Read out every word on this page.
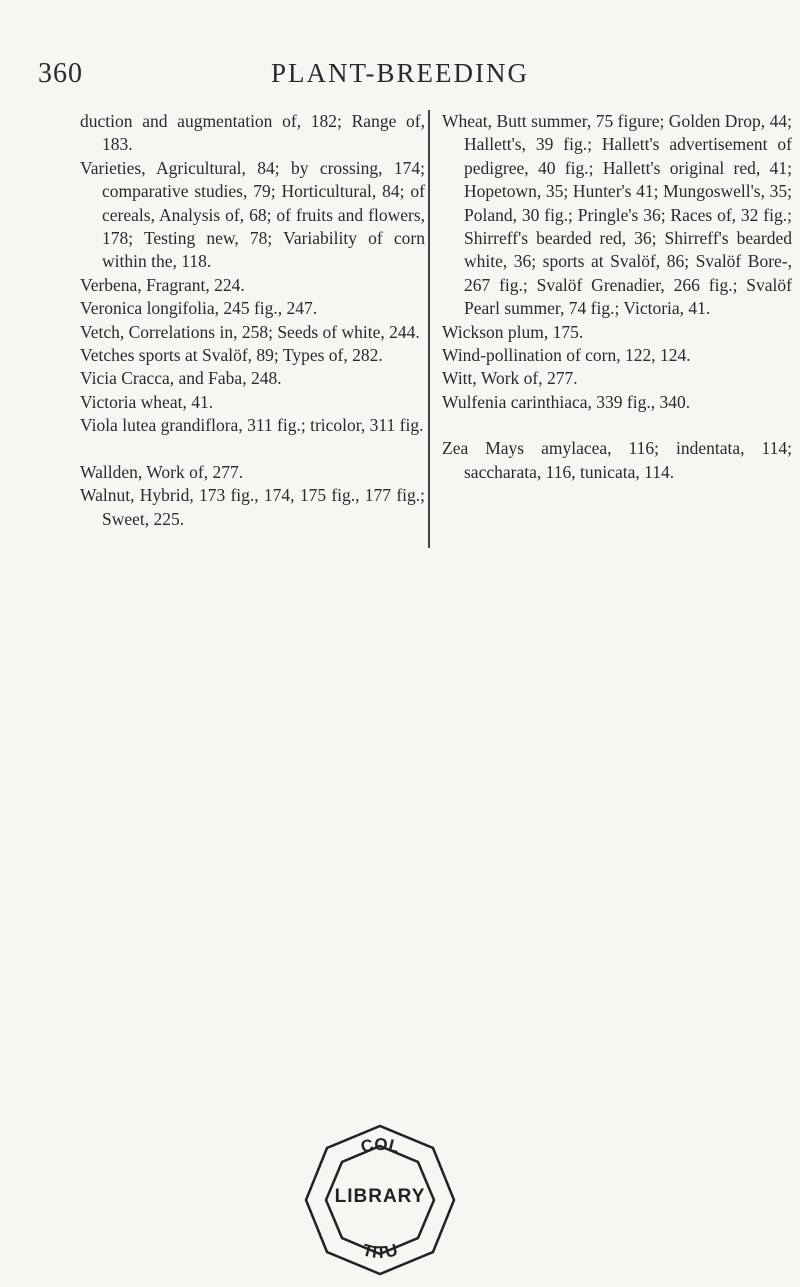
360	PLANT-BREEDING

duction and augmentation of, 182; Range of, 183.

Varieties, Agricultural, 84; by crossing, 174; comparative studies, 79; Horticultural, 84; of cereals, Analysis of, 68; of fruits and flowers, 178; Testing new, 78; Variability of corn within the, 118.

Verbena, Fragrant, 224.

Veronica longifolia, 245 fig., 247.

Vetch, Correlations in, 258; Seeds of white, 244.

Vetches sports at Svalöf, 89; Types of, 282.

Vicia Cracca, and Faba, 248.

Victoria wheat, 41.

Viola lutea grandiflora, 311 fig.; tricolor, 311 fig.

Wallden, Work of, 277.

Walnut, Hybrid, 173 fig., 174, 175 fig., 177 fig.; Sweet, 225.

Wheat, Butt summer, 75 figure; Golden Drop, 44; Hallett's, 39 fig.; Hallett's advertisement of pedigree, 40 fig.; Hallett's original red, 41; Hopetown, 35; Hunter's 41; Mungoswell's, 35; Poland, 30 fig.; Pringle's 36; Races of, 32 fig.; Shirreff's bearded red, 36; Shirreff's bearded white, 36; sports at Svalöf, 86; Svalöf Bore-, 267 fig.; Svalöf Grenadier, 266 fig.; Svalöf Pearl summer, 74 fig.; Victoria, 41.

Wickson plum, 175.

Wind-pollination of corn, 122, 124.

Witt, Work of, 277.

Wulfenia carinthiaca, 339 fig., 340.

Zea Mays amylacea, 116; indentata, 114; saccharata, 116, tunicata, 114.

COL
TITU
LIBRARY
